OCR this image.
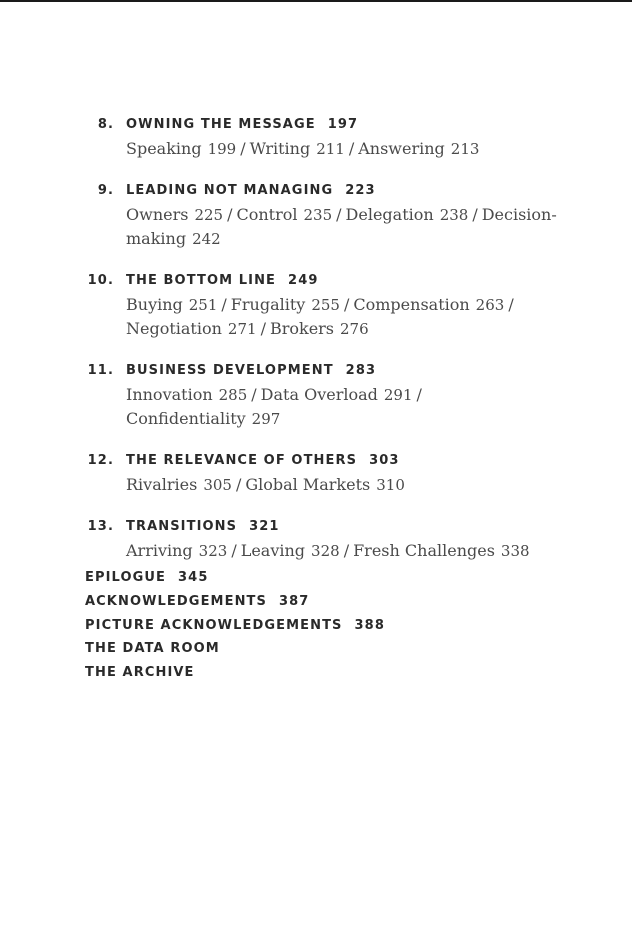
8. OWNING THE MESSAGE 197
Speaking 199 / Writing 211 / Answering 213
9. LEADING NOT MANAGING 223
Owners 225 / Control 235 / Delegation 238 / Decision-
making 242
10. THE BOTTOM LINE 249
Buying 251 / Frugality 255 / Compensation 263 /
Negotiation 271 / Brokers 276
11. BUSINESS DEVELOPMENT 283
Innovation 285 / Data Overload 291 /
Confidentiality 297
12. THE RELEVANCE OF OTHERS 303
Rivalries 305 / Global Markets 310
13. TRANSITIONS 321
Arriving 323 / Leaving 328 / Fresh Challenges 338
EPILOGUE 345
ACKNOWLEDGEMENTS 387
PICTURE ACKNOWLEDGEMENTS 388
THE DATA ROOM
THE ARCHIVE
